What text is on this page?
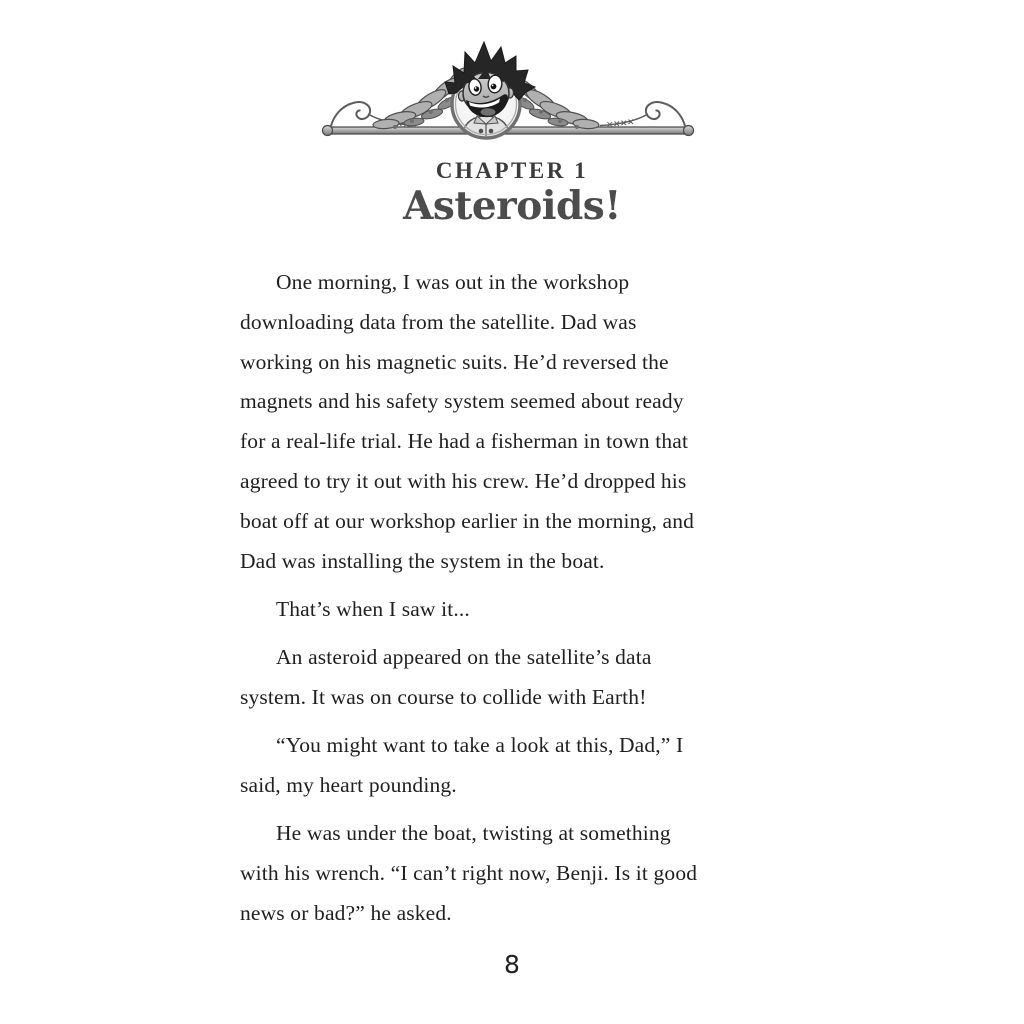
CHAPTER 1
Asteroids!
One morning, I was out in the workshop
downloading data from the satellite. Dad was
working on his magnetic suits. He’d reversed the
magnets and his safety system seemed about ready
for a real-life trial. He had a fisherman in town that
agreed to try it out with his crew. He’d dropped his
boat off at our workshop earlier in the morning, and
Dad was installing the system in the boat.
That’s when I saw it...
An asteroid appeared on the satellite’s data
system. It was on course to collide with Earth!
“You might want to take a look at this, Dad,” I
said, my heart pounding.
He was under the boat, twisting at something
with his wrench. “I can’t right now, Benji. Is it good
news or bad?” he asked.
8
